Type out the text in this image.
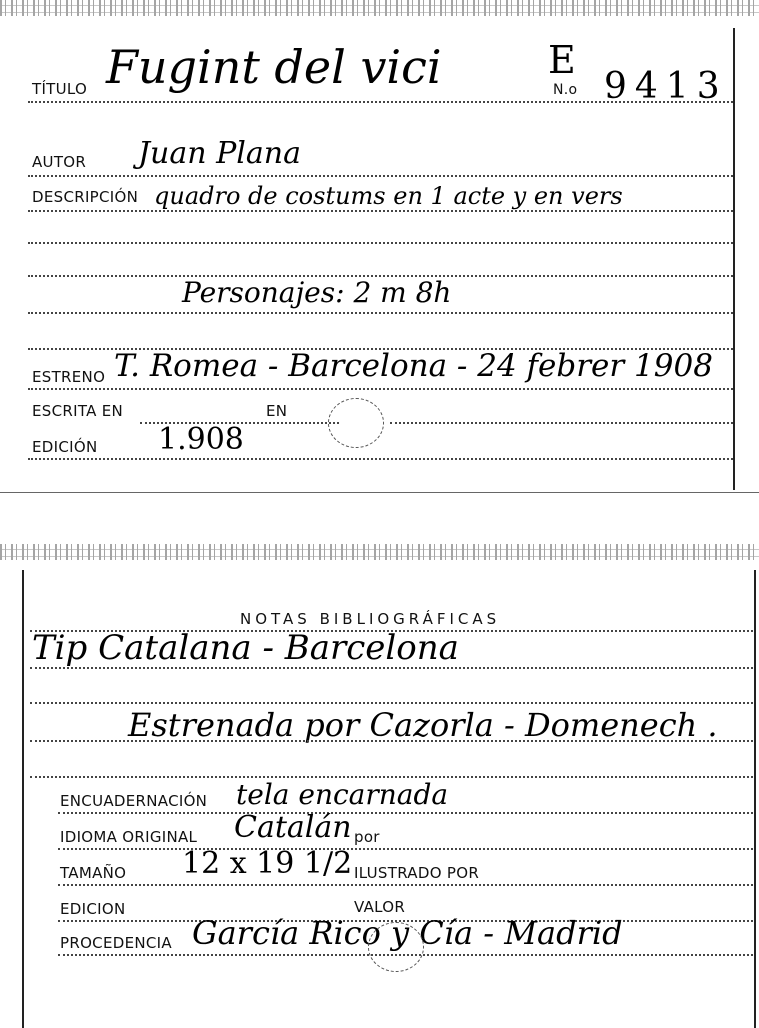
TÍTULO Fugint del vici	E
N.o 9413
AUTOR Juan Plana
DESCRIPCIÓN quadro de costums en 1 acte y en vers
Personajes: 2 m 8h
ESTRENO T. Romea - Barcelona - 24 febrer 1908
ESCRITA EN	EN
EDICIÓN 1.908
NOTAS BIBLIOGRÁFICAS
Tip Catalana - Barcelona
Estrenada por Cazorla - Domenech .
ENCUADERNACIÓN tela encarnada
IDIOMA ORIGINAL Catalán por
TAMAÑO 12 x 19 1/2 ILUSTRADO POR
EDICION	VALOR
PROCEDENCIA García Rico y Cía - Madrid
